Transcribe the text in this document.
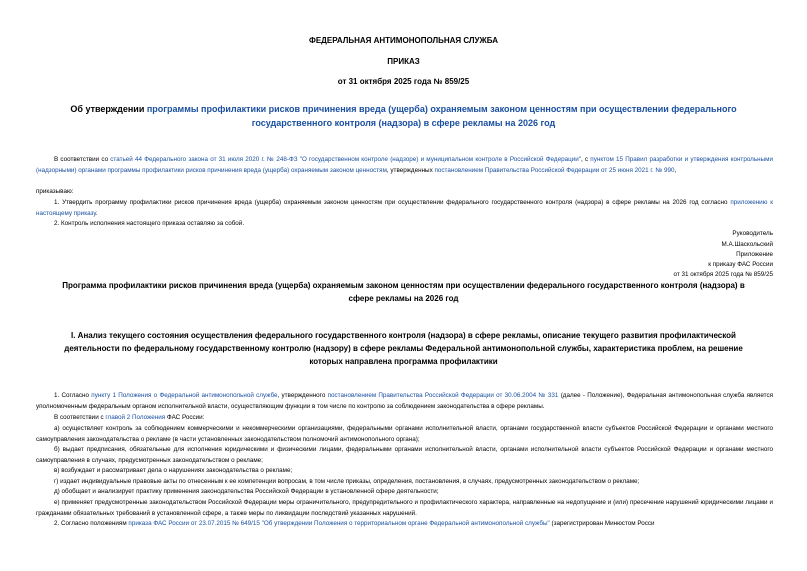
ФЕДЕРАЛЬНАЯ АНТИМОНОПОЛЬНАЯ СЛУЖБА
ПРИКАЗ
от 31 октября 2025 года № 859/25
Об утверждении программы профилактики рисков причинения вреда (ущерба) охраняемым законом ценностям при осуществлении федерального государственного контроля (надзора) в сфере рекламы на 2026 год
В соответствии со статьей 44 Федерального закона от 31 июля 2020 г. № 248-ФЗ "О государственном контроле (надзоре) и муниципальном контроле в Российской Федерации", с пунктом 15 Правил разработки и утверждения контрольными (надзорными) органами программы профилактики рисков причинения вреда (ущерба) охраняемым законом ценностям, утвержденных постановлением Правительства Российской Федерации от 25 июня 2021 г. № 990,
приказываю:
1. Утвердить программу профилактики рисков причинения вреда (ущерба) охраняемым законом ценностям при осуществлении федерального государственного контроля (надзора) в сфере рекламы на 2026 год согласно приложению к настоящему приказу.
2. Контроль исполнения настоящего приказа оставляю за собой.
Руководитель
М.А.Шаскольский
Приложение
к приказу ФАС России
от 31 октября 2025 года № 859/25
Программа профилактики рисков причинения вреда (ущерба) охраняемым законом ценностям при осуществлении федерального государственного контроля (надзора) в сфере рекламы на 2026 год
I. Анализ текущего состояния осуществления федерального государственного контроля (надзора) в сфере рекламы, описание текущего развития профилактической деятельности по федеральному государственному контролю (надзору) в сфере рекламы Федеральной антимонопольной службы, характеристика проблем, на решение которых направлена программа профилактики
1. Согласно пункту 1 Положения о Федеральной антимонопольной службе, утвержденного постановлением Правительства Российской Федерации от 30.06.2004 № 331 (далее - Положение), Федеральная антимонопольная служба является уполномоченным федеральным органом исполнительной власти, осуществляющим функции в том числе по контролю за соблюдением законодательства в сфере рекламы.
В соответствии с главой 2 Положения ФАС России:
а) осуществляет контроль за соблюдением коммерческими и некоммерческими организациями, федеральными органами исполнительной власти, органами государственной власти субъектов Российской Федерации и органами местного самоуправления законодательства о рекламе (в части установленных законодательством полномочий антимонопольного органа);
б) выдает предписания, обязательные для исполнения юридическими и физическими лицами, федеральными органами исполнительной власти, органами исполнительной власти субъектов Российской Федерации и органами местного самоуправления в случаях, предусмотренных законодательством о рекламе;
в) возбуждает и рассматривает дела о нарушениях законодательства о рекламе;
г) издает индивидуальные правовые акты по отнесенным к ее компетенции вопросам, в том числе приказы, определения, постановления, в случаях, предусмотренных законодательством о рекламе;
д) обобщает и анализирует практику применения законодательства Российской Федерации в установленной сфере деятельности;
е) применяет предусмотренные законодательством Российской Федерации меры ограничительного, предупредительного и профилактического характера, направленные на недопущение и (или) пресечение нарушений юридическими лицами и гражданами обязательных требований в установленной сфере, а также меры по ликвидации последствий указанных нарушений.
2. Согласно положениям приказа ФАС России от 23.07.2015 № 649/15 "Об утверждении Положения о территориальном органе Федеральной антимонопольной службы" (зарегистрирован Минюстом Росси
